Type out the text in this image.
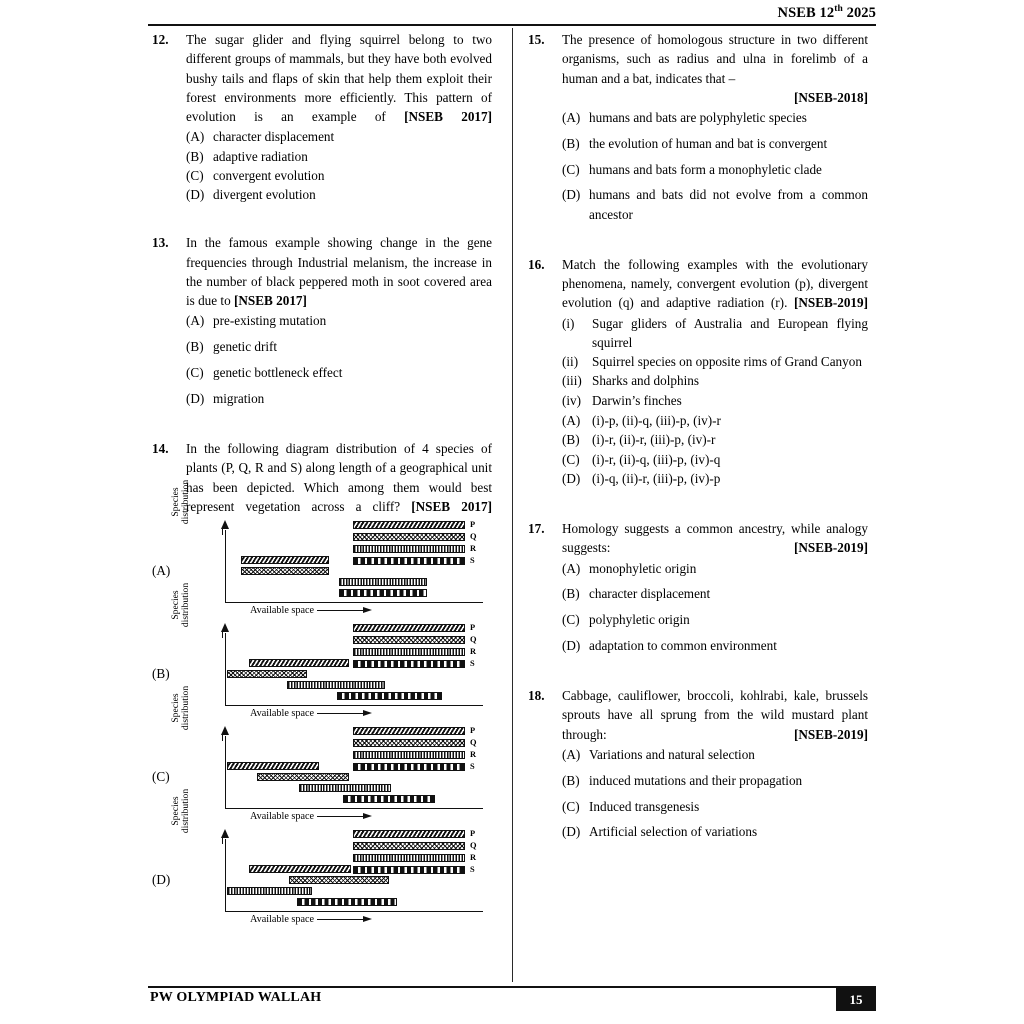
NSEB 12th 2025
12.	The sugar glider and flying squirrel belong to two different groups of mammals, but they have both evolved bushy tails and flaps of skin that help them exploit their forest environments more efficiently. This pattern of evolution is an example of [NSEB 2017]
(A) character displacement
(B) adaptive radiation
(C) convergent evolution
(D) divergent evolution
13.	In the famous example showing change in the gene frequencies through Industrial melanism, the increase in the number of black peppered moth in soot covered area is due to [NSEB 2017]
(A) pre-existing mutation
(B) genetic drift
(C) genetic bottleneck effect
(D) migration
14.	In the following diagram distribution of 4 species of plants (P, Q, R and S) along length of a geographical unit has been depicted. Which among them would best represent vegetation across a cliff? [NSEB 2017]
(A)
Species
distribution
Available space
P
Q
R
S
(B)
Species
distribution
Available space
P
Q
R
S
(C)
Species
distribution
Available space
P
Q
R
S
(D)
Species
distribution
Available space
P
Q
R
S
15.	The presence of homologous structure in two different organisms, such as radius and ulna in forelimb of a human and a bat, indicates that –
[NSEB-2018]
(A) humans and bats are polyphyletic species
(B) the evolution of human and bat is convergent
(C) humans and bats form a monophyletic clade
(D) humans and bats did not evolve from a common ancestor
16.	Match the following examples with the evolutionary phenomena, namely, convergent evolution (p), divergent evolution (q) and adaptive radiation (r). [NSEB-2019]
(i)	Sugar gliders of Australia and European flying squirrel
(ii)	Squirrel species on opposite rims of Grand Canyon
(iii) Sharks and dolphins
(iv) Darwin’s finches
(A) (i)-p, (ii)-q, (iii)-p, (iv)-r
(B) (i)-r, (ii)-r, (iii)-p, (iv)-r
(C) (i)-r, (ii)-q, (iii)-p, (iv)-q
(D) (i)-q, (ii)-r, (iii)-p, (iv)-p
17.	Homology suggests a common ancestry, while analogy suggests:	[NSEB-2019]
(A) monophyletic origin
(B) character displacement
(C) polyphyletic origin
(D) adaptation to common environment
18.	Cabbage, cauliflower, broccoli, kohlrabi, kale, brussels sprouts have all sprung from the wild mustard plant through:	[NSEB-2019]
(A) Variations and natural selection
(B) induced mutations and their propagation
(C) Induced transgenesis
(D) Artificial selection of variations
PW OLYMPIAD WALLAH	15
